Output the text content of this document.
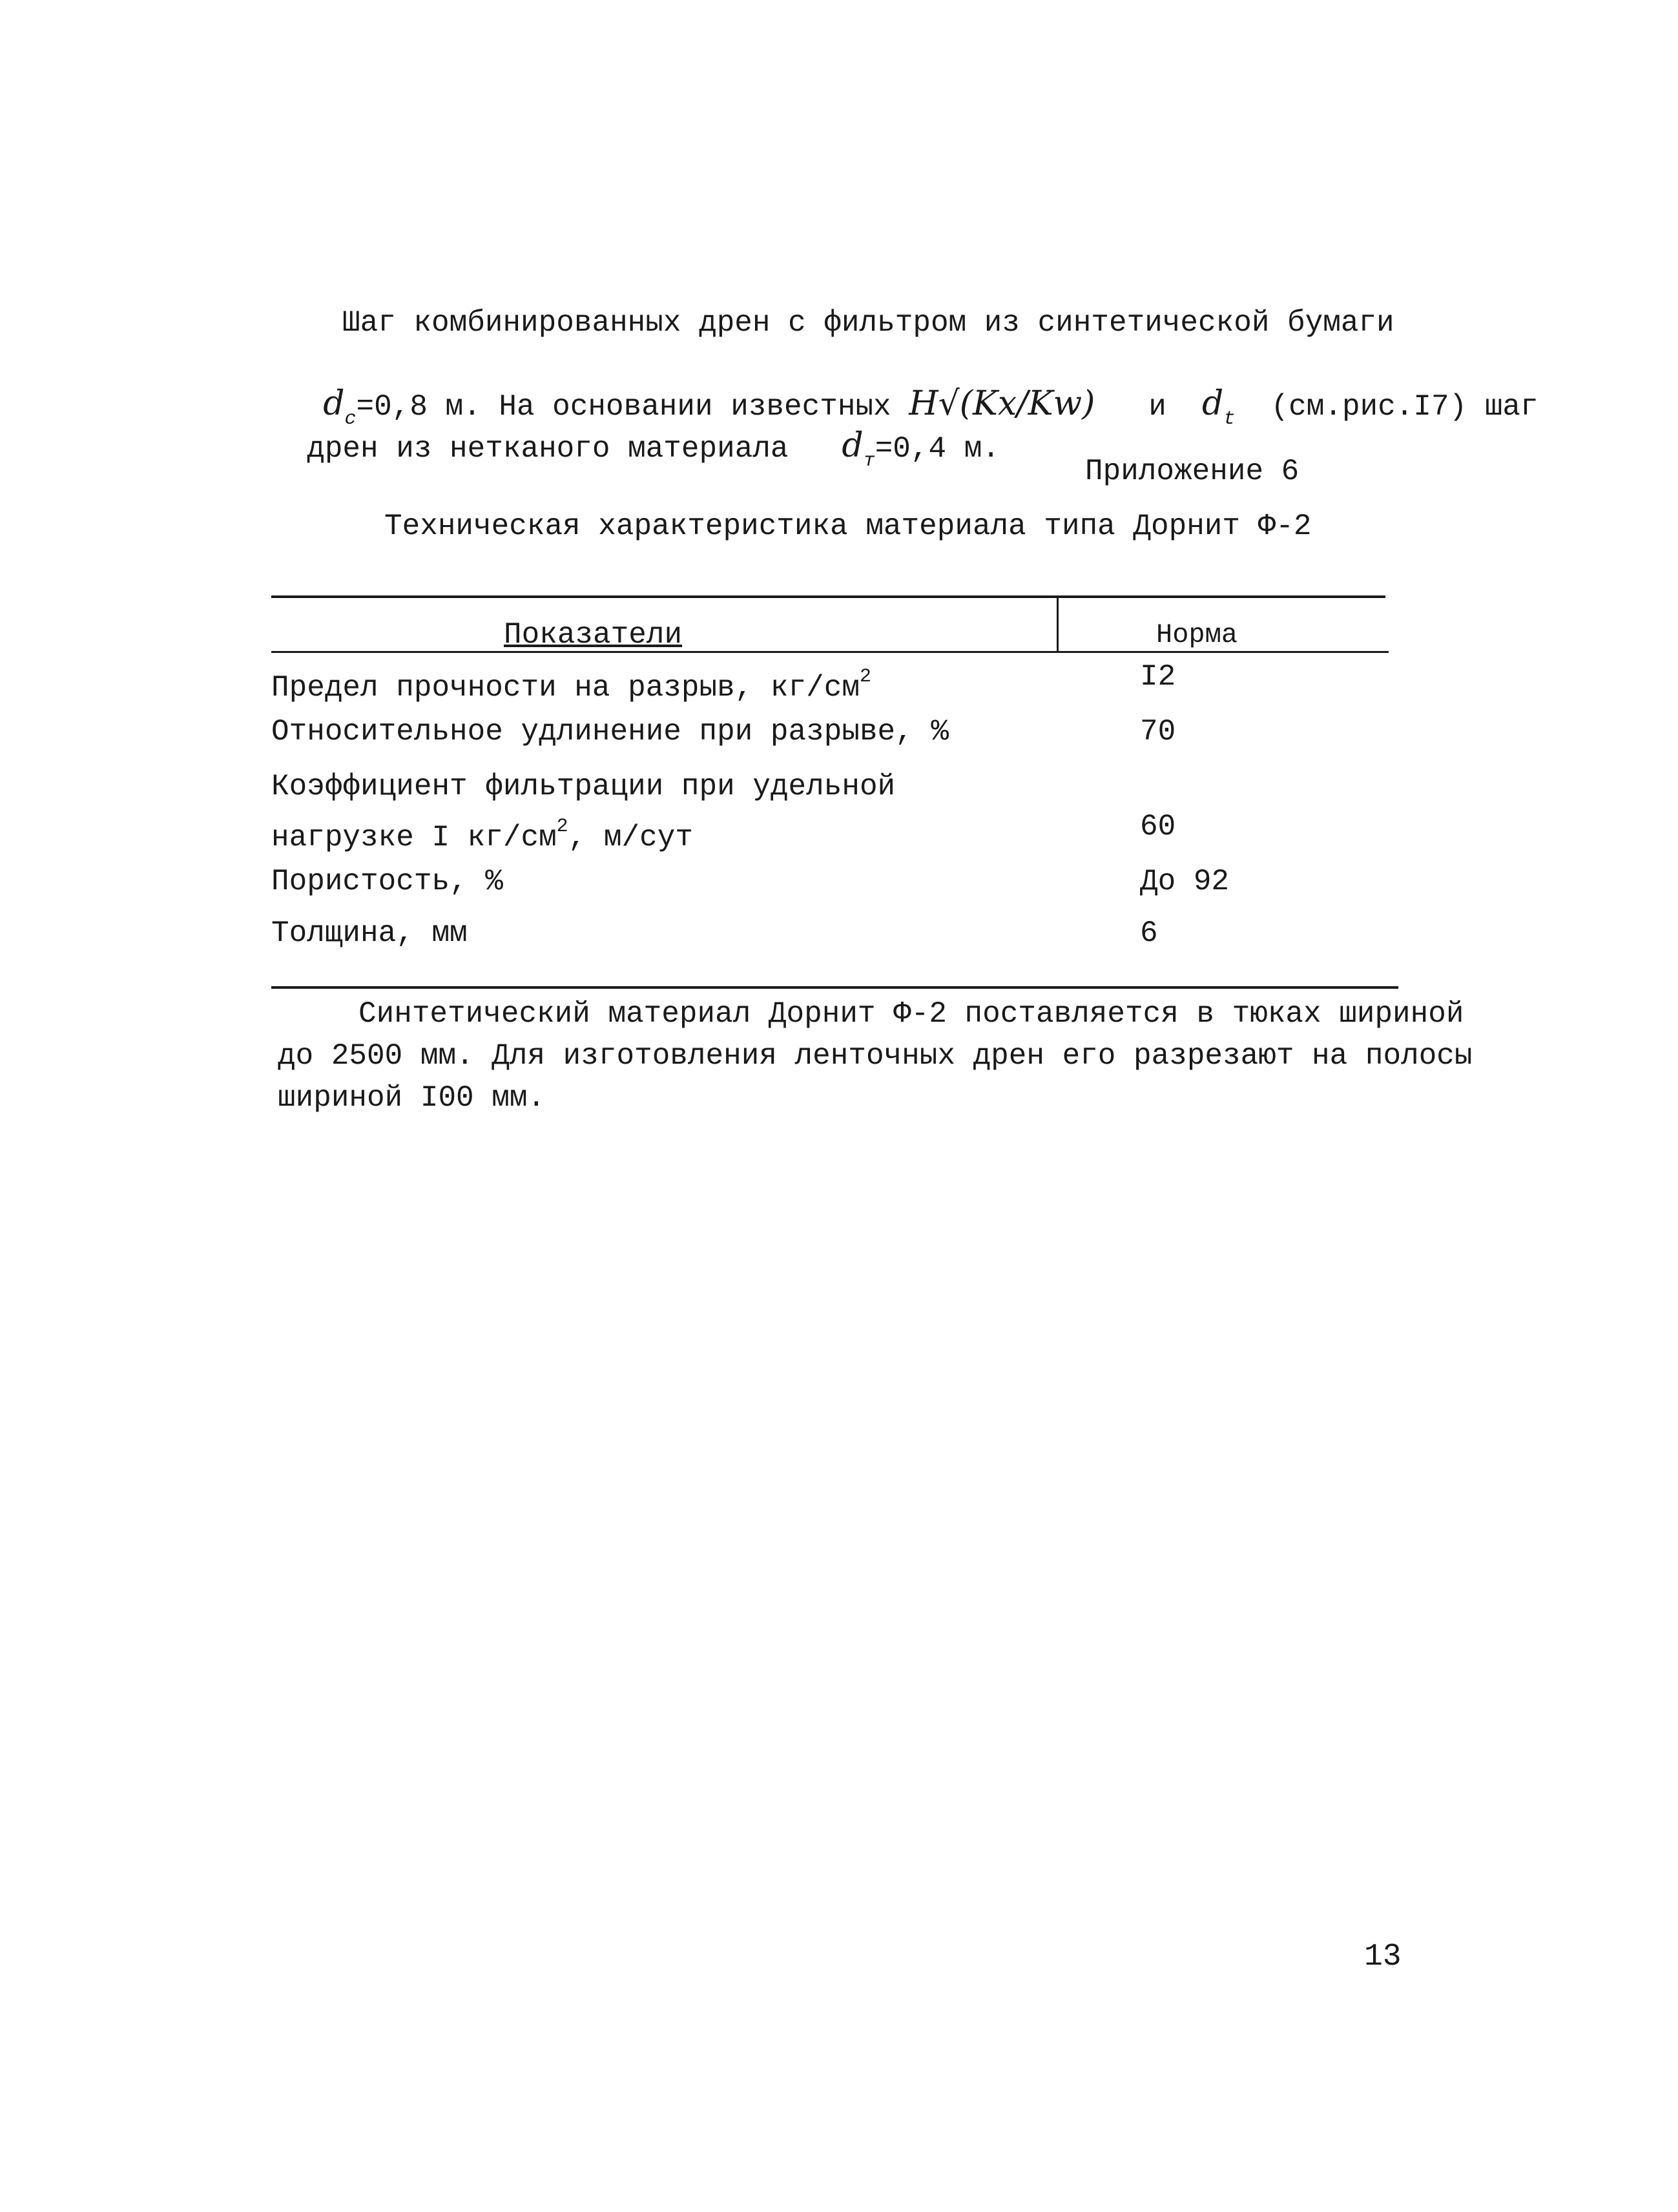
Шаг комбинированных дрен с фильтром из синтетической бумаги

$d_c=0,8$ м. На основании известных H√(Kx/Kw) и $d_t$ (см.рис.I7) шаг

дрен из нетканого материала $d_т=0,4$ м.

Приложение 6
Техническая характеристика материала типа Дорнит Ф-2
Показатели	Норма
Предел прочности на разрыв, $кг/см^2$	I2
Относительное удлинение при разрыве, %	70
Коэффициент фильтрации при удельной
нагрузке I $кг/см^2$, м/сут	60
Пористость, %	До 92
Толщина, мм	6
Синтетический материал Дорнит Ф-2 поставляется в тюках шириной
до 2500 мм. Для изготовления ленточных дрен его разрезают на полосы
шириной I00 мм.
13
